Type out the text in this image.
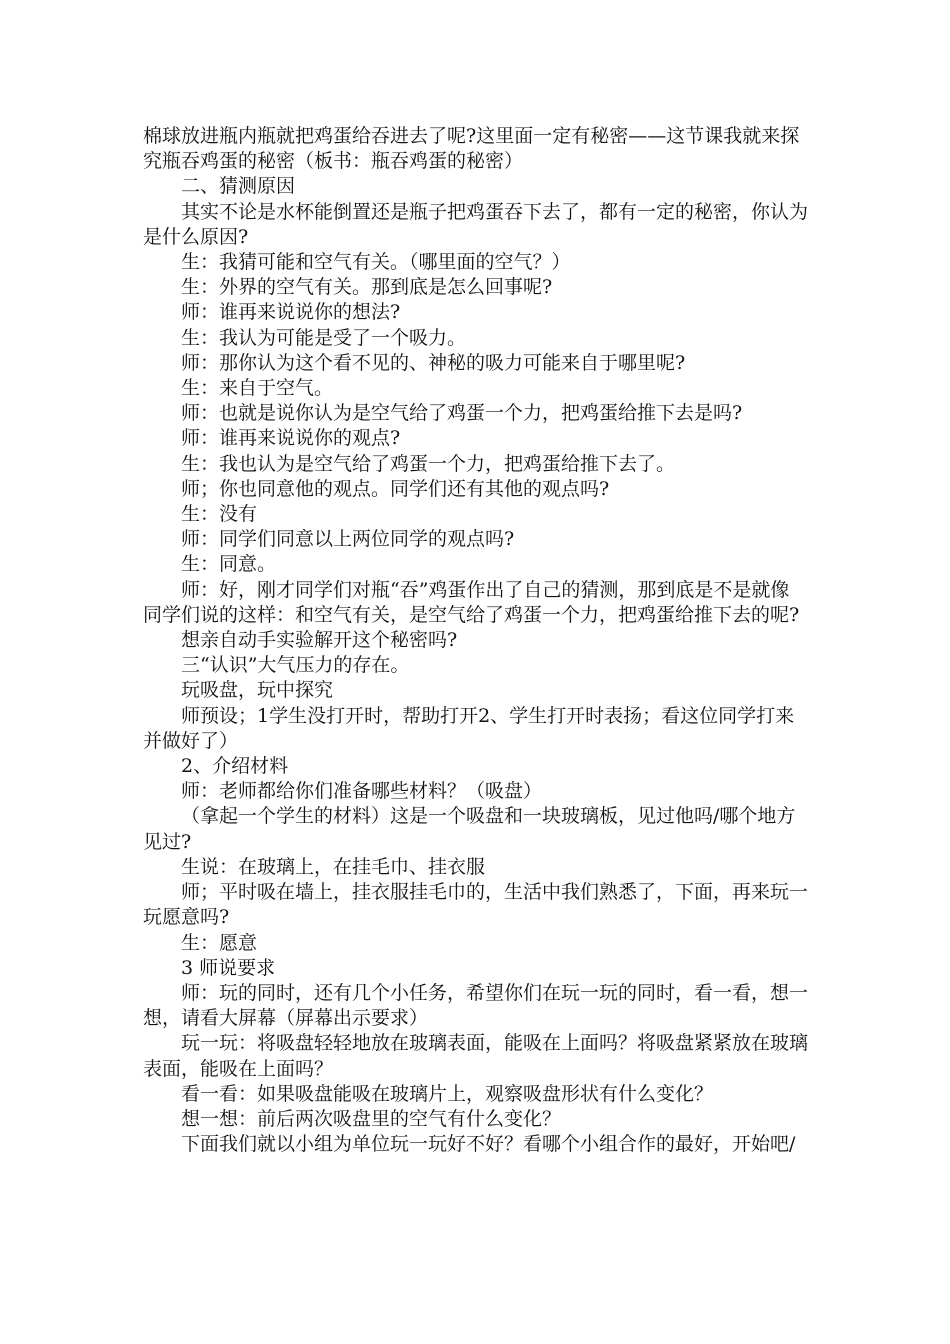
棉球放进瓶内瓶就把鸡蛋给吞进去了呢?这里面一定有秘密——这节课我就来探究瓶吞鸡蛋的秘密（板书：瓶吞鸡蛋的秘密）

二、猜测原因

其实不论是水杯能倒置还是瓶子把鸡蛋吞下去了，都有一定的秘密，你认为是什么原因?

生：我猜可能和空气有关。（哪里面的空气？）

生：外界的空气有关。那到底是怎么回事呢?

师：谁再来说说你的想法?

生：我认为可能是受了一个吸力。

师：那你认为这个看不见的、神秘的吸力可能来自于哪里呢?

生：来自于空气。

师：也就是说你认为是空气给了鸡蛋一个力，把鸡蛋给推下去是吗?

师：谁再来说说你的观点?

生：我也认为是空气给了鸡蛋一个力，把鸡蛋给推下去了。

师；你也同意他的观点。同学们还有其他的观点吗?

生：没有

师：同学们同意以上两位同学的观点吗?

生：同意。

师：好，刚才同学们对瓶“吞”鸡蛋作出了自己的猜测，那到底是不是就像同学们说的这样：和空气有关，是空气给了鸡蛋一个力，把鸡蛋给推下去的呢?

想亲自动手实验解开这个秘密吗?

三“认识”大气压力的存在。

玩吸盘，玩中探究

师预设；1学生没打开时，帮助打开2、学生打开时表扬；看这位同学打来并做好了）

2、介绍材料

师：老师都给你们准备哪些材料？（吸盘）

（拿起一个学生的材料）这是一个吸盘和一块玻璃板，见过他吗/哪个地方见过?

生说：在玻璃上，在挂毛巾、挂衣服

师；平时吸在墙上，挂衣服挂毛巾的，生活中我们熟悉了，下面，再来玩一玩愿意吗?

生：愿意

3 师说要求

师：玩的同时，还有几个小任务，希望你们在玩一玩的同时，看一看，想一想，请看大屏幕（屏幕出示要求）

玩一玩：将吸盘轻轻地放在玻璃表面，能吸在上面吗？将吸盘紧紧放在玻璃表面，能吸在上面吗？

看一看：如果吸盘能吸在玻璃片上，观察吸盘形状有什么变化？

想一想：前后两次吸盘里的空气有什么变化？

下面我们就以小组为单位玩一玩好不好？看哪个小组合作的最好，开始吧/
